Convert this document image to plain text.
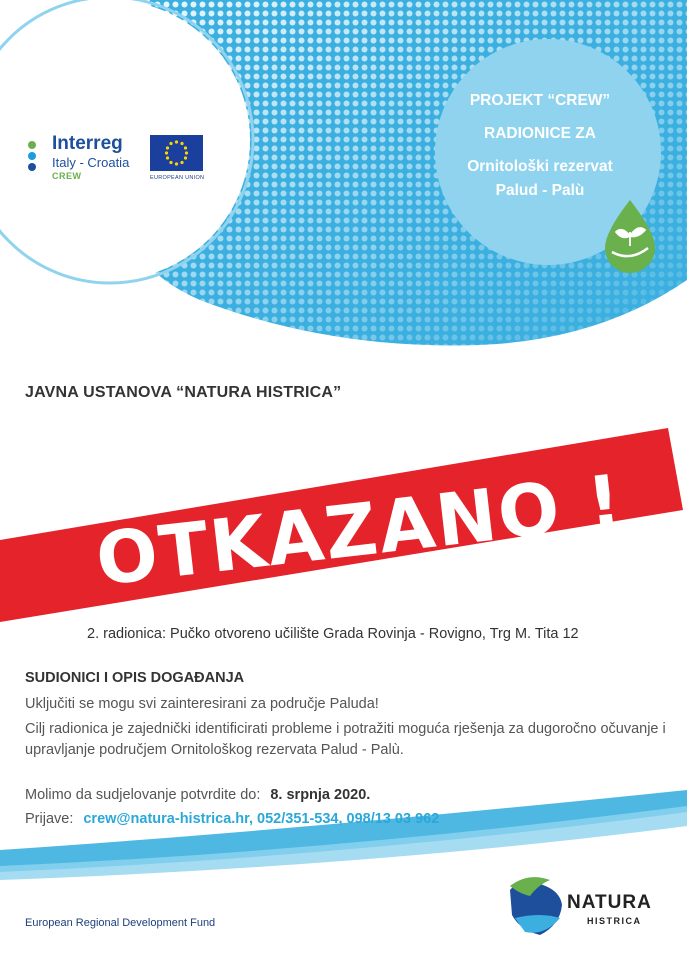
Interreg
Italy - Croatia
CREW	EUROPEAN UNION
PROJEKT “CREW”
RADIONICE ZA
Ornitološki rezervat
Palud - Palù
JAVNA USTANOVA “NATURA HISTRICA”
OTKAZANO !
2. radionica: Pučko otvoreno učilište Grada Rovinja - Rovigno, Trg M. Tita 12
SUDIONICI I OPIS DOGAĐANJA
Uključiti se mogu svi zainteresirani za područje Paluda!
Cilj radionica je zajednički identificirati probleme i potražiti moguća rješenja za dugoročno očuvanje i upravljanje područjem Ornitološkog rezervata Palud - Palù.
Molimo da sudjelovanje potvrdite do: 8. srpnja 2020.
Prijave: crew@natura-histrica.hr, 052/351-534, 098/13 03 962
European Regional Development Fund
NATURA
HISTRICA
